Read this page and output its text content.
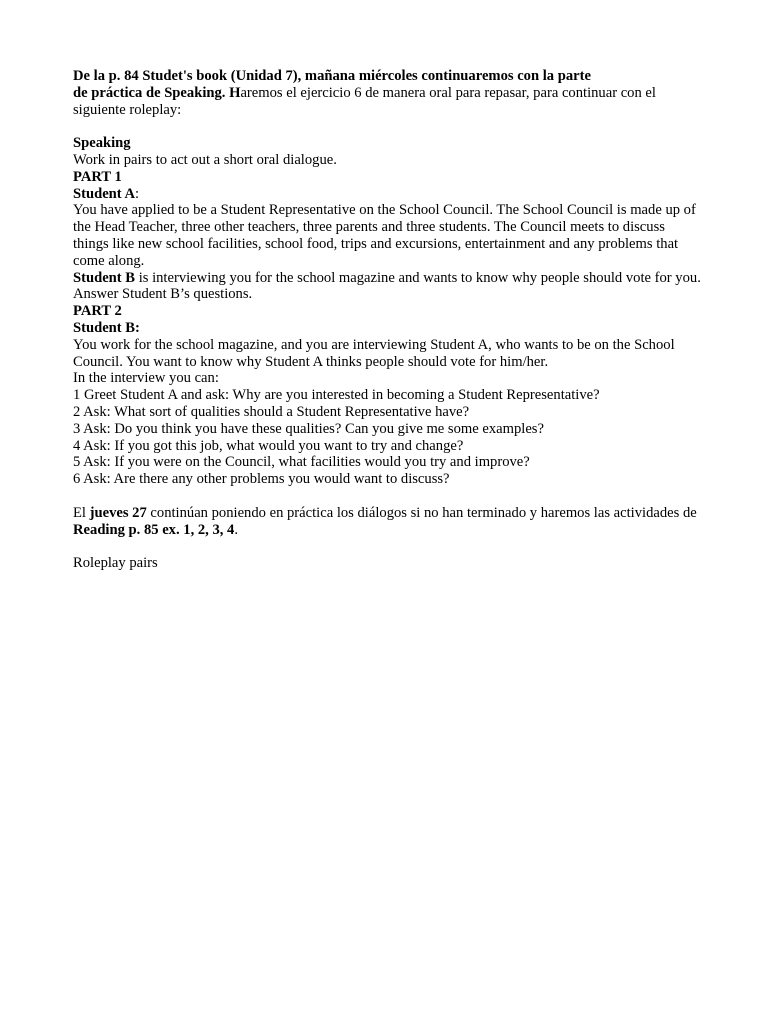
De la p. 84 Studet's book (Unidad 7), mañana miércoles continuaremos con la parte
de práctica de Speaking. Haremos el ejercicio 6 de manera oral para repasar, para continuar con el siguiente roleplay:

Speaking
Work in pairs to act out a short oral dialogue.
PART 1
Student A:
You have applied to be a Student Representative on the School Council. The School Council is made up of the Head Teacher, three other teachers, three parents and three students. The Council meets to discuss things like new school facilities, school food, trips and excursions, entertainment and any problems that come along.
Student B is interviewing you for the school magazine and wants to know why people should vote for you. Answer Student B’s questions.
PART 2
Student B:
You work for the school magazine, and you are interviewing Student A, who wants to be on the School Council. You want to know why Student A thinks people should vote for him/her.
In the interview you can:
1 Greet Student A and ask: Why are you interested in becoming a Student Representative?
2 Ask: What sort of qualities should a Student Representative have?
3 Ask: Do you think you have these qualities? Can you give me some examples?
4 Ask: If you got this job, what would you want to try and change?
5 Ask: If you were on the Council, what facilities would you try and improve?
6 Ask: Are there any other problems you would want to discuss?

El jueves 27 continúan poniendo en práctica los diálogos si no han terminado y haremos las actividades de Reading p. 85 ex. 1, 2, 3, 4.

Roleplay pairs
